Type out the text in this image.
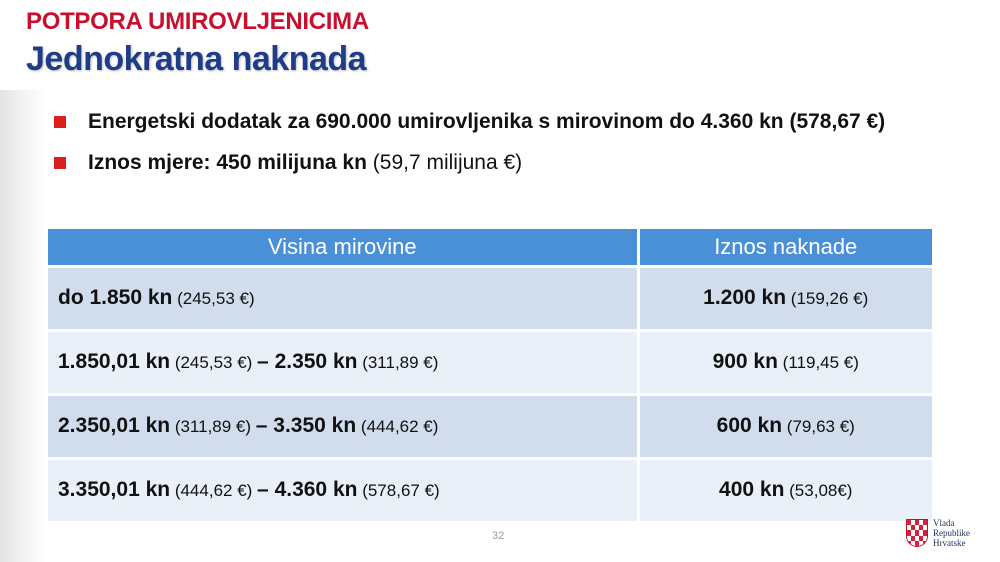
POTPORA UMIROVLJENICIMA
Jednokratna naknada
Energetski dodatak za 690.000 umirovljenika s mirovinom do 4.360 kn (578,67 €)
Iznos mjere: 450 milijuna kn (59,7 milijuna €)
Visina mirovine	Iznos naknade
do 1.850 kn (245,53 €)	1.200 kn (159,26 €)
1.850,01 kn (245,53 €) – 2.350 kn (311,89 €)	900 kn (119,45 €)
2.350,01 kn (311,89 €) – 3.350 kn (444,62 €)	600 kn (79,63 €)
3.350,01 kn (444,62 €) – 4.360 kn (578,67 €)	400 kn (53,08€)
32
Vlada
Republike
Hrvatske
